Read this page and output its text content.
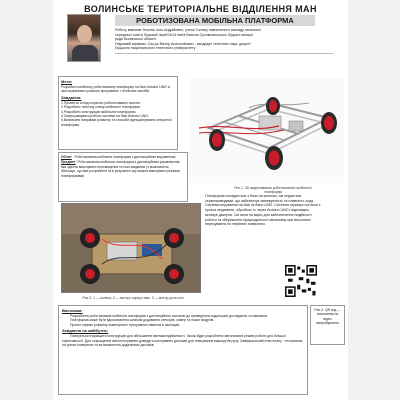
ВОЛИНСЬКЕ ТЕРИТОРІАЛЬНЕ ВІДДІЛЕННЯ МАН
РОБОТИЗОВАНА МОБІЛЬНА ПЛАТФОРМА
Роботу виконав: Костюк Ілля Андрійович, учень 9 класу навчального закладу загальної
середньої освіти Луцький ліцей №14 імені Василя Сухомлинського Луцької міської
ради Волинської області
Науковий керівник: Саз-ук Віктор Анатолійович - кандидат технічних наук, доцент
Луцького національного технічного університету
Мета:
Розробити мобільну роботизовану платформу на базі Arduino UNO із застосуванням сучасних програмних і технічних засобів.
Завдання:
1.Провести огляд існуючих роботизованих систем.
2.Розробити технічну схему мобільної платформи.
3.Розробити конструкцію мобільної платформи.
4.Запрограмувати роботи системи на базі Arduino UNO.
5.Визначити напрямки розвитку та способи функціонування створеної платформи.
Об'єкт : Роботизована мобільна платформа з дистанційним керуванням.
Предмет: Роботизована мобільна платформа з дистанційним управлінням, яка здатна виконувати переміщення та інші завдання (з можливістю, збільшує, що вже розроблені та в результаті яку можна виконувати різними платформами)
Рис.1. 3D моделювання роботизованої мобільної
платформи
Рис.2. 1 — колеса, 2 — мотор і корпус мікс, 3 — мотор руль колі.
Платформа складається з бази на колесах, які керуються сервоприводами, що забезпечує маневреність та плавність ходу. Система керування на базі Arduino UNO. Система отримує сигнали з пульта керування, обробляє їх через Arduino UNO і відповідно активує двигуни. Сигнали на варіо для забезпечення надійності роботи та збереження працездатності механізму при виконанні пересування по нерівних поверхнях.
Висновки:
Розроблена роботизована мобільна платформа з дистанційною основою до проведення подальших досліджень та навчання.
Платформа може бути вдосконалена шляхом додавання сенсорів, камер та інших модулів.
Проект сприяє розвитку інженерних і програмних навичок в школярів.
Завдання на майбутнє:
Планується покращити конструкцію для збільшення вантажопідйомності. Також буде розроблено автономний режим роботи для більшої ефективності. Для покращення автопілотування доведуть монтування датчиків для планування маршрутів руху. Завершальний етап плану - тестування на різних поверхнях та встановлення додаткових датчиків.
Рис.3. QR код — посилання на відео випробування
